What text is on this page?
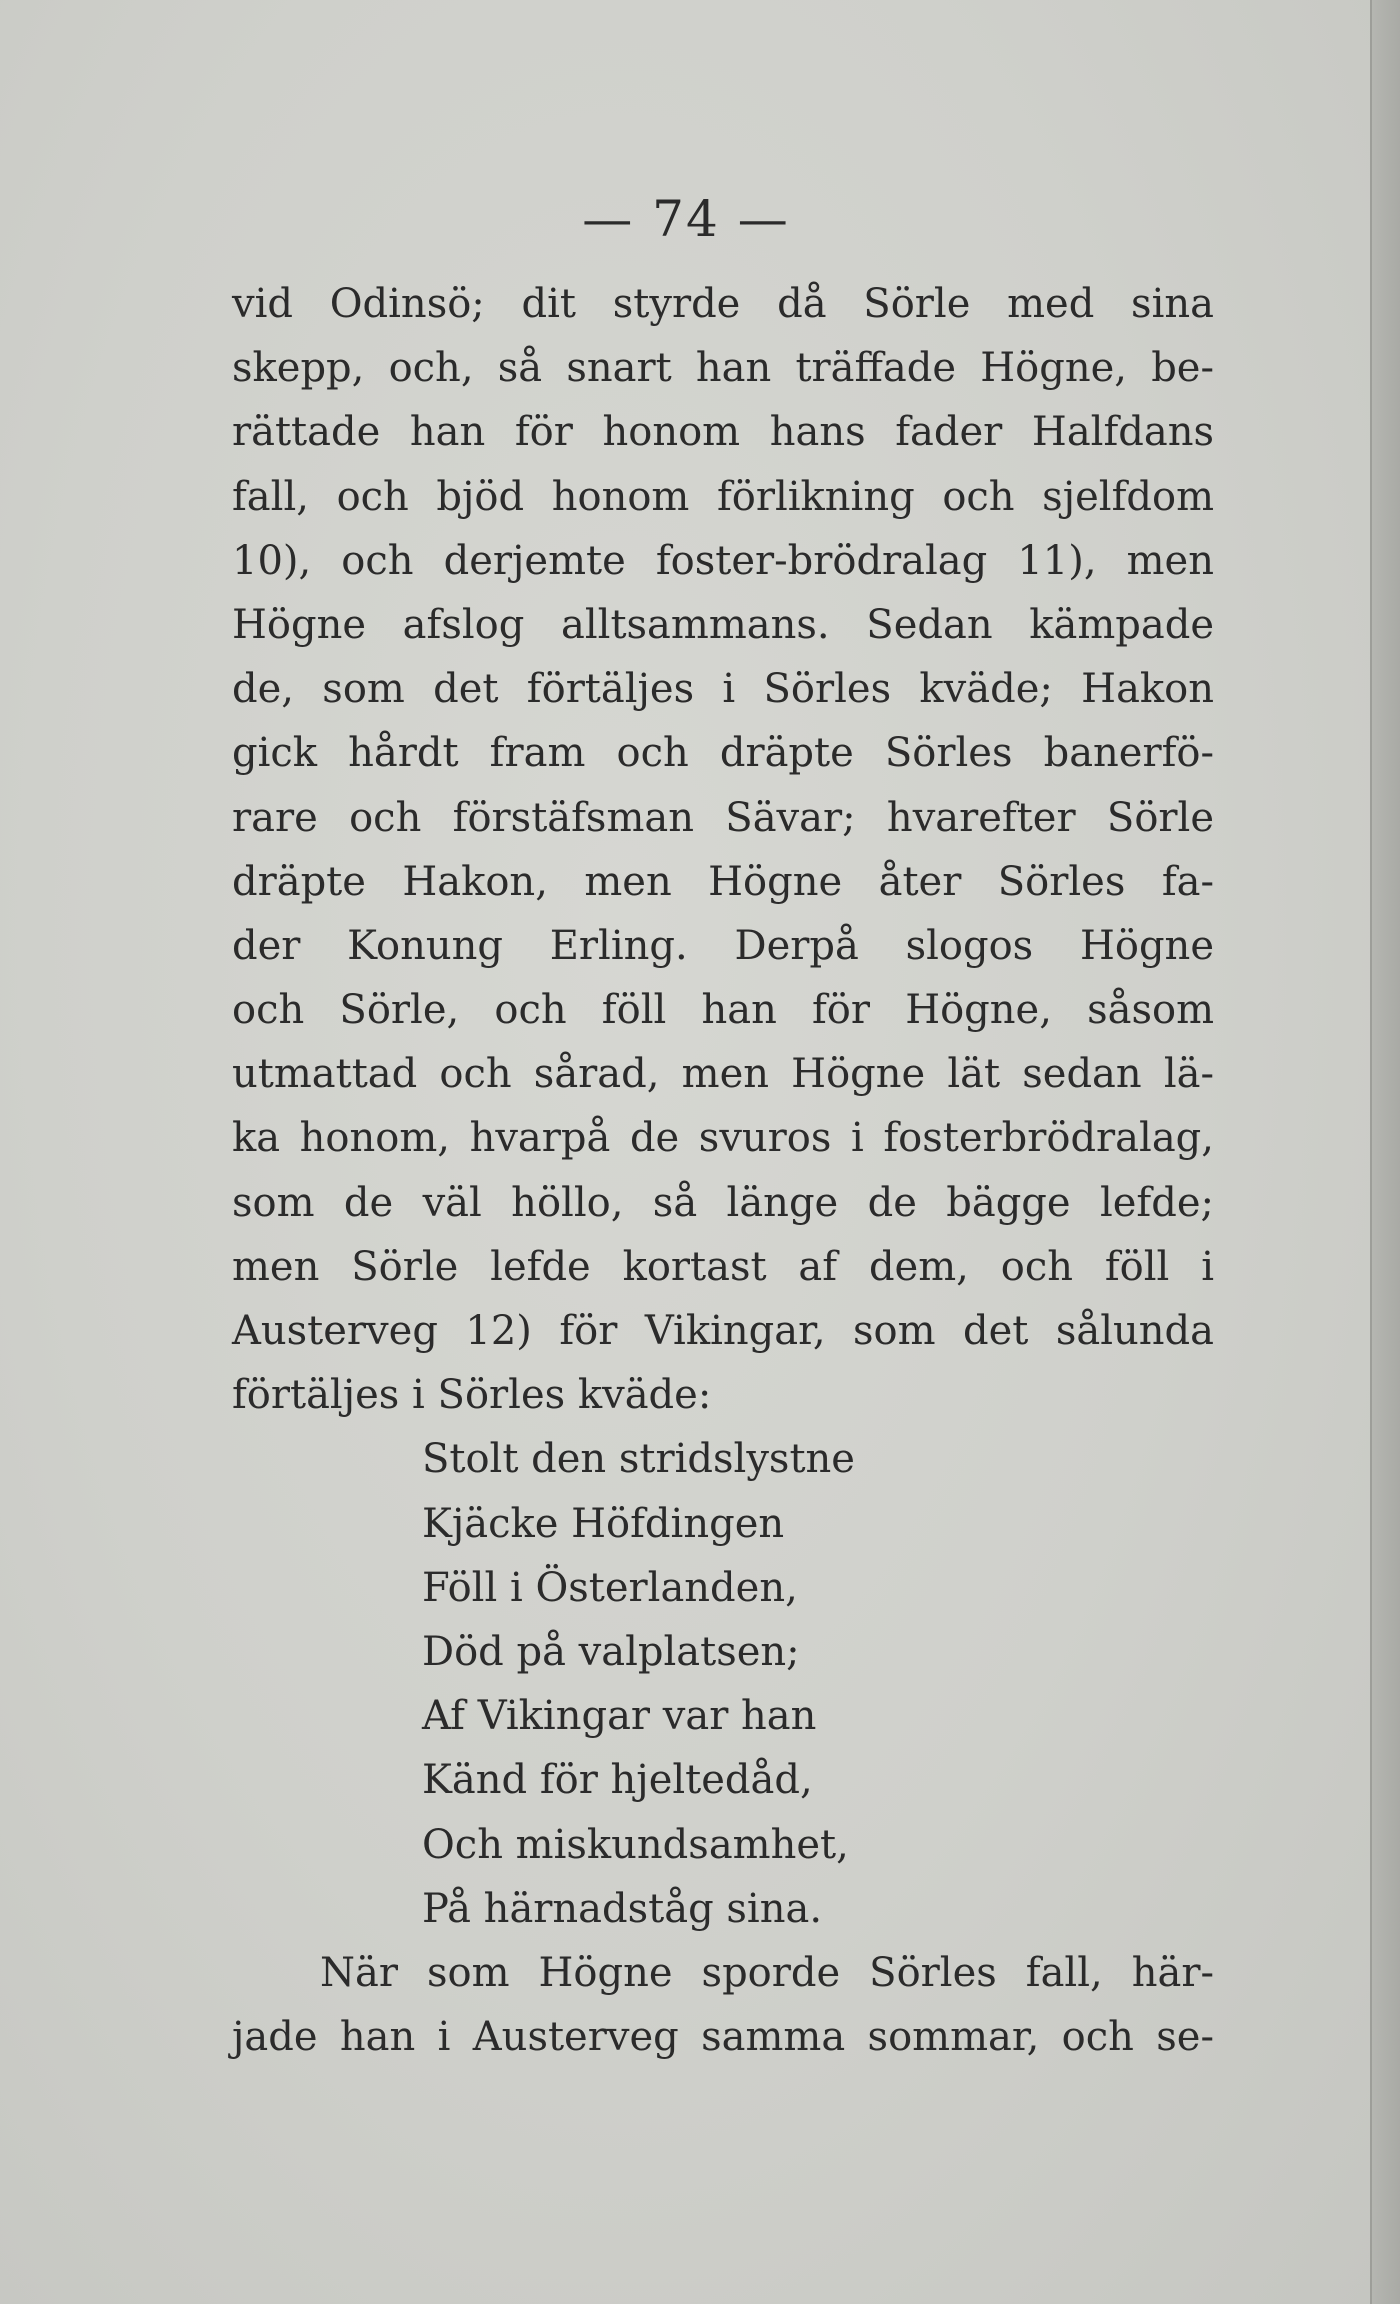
— 74 —
vid Odinsö; dit styrde då Sörle med sina
skepp, och, så snart han träffade Högne, be-
rättade han för honom hans fader Halfdans
fall, och bjöd honom förlikning och sjelfdom
10), och derjemte foster-brödralag 11), men
Högne afslog alltsammans. Sedan kämpade
de, som det förtäljes i Sörles kväde; Hakon
gick hårdt fram och dräpte Sörles banerfö-
rare och förstäfsman Sävar; hvarefter Sörle
dräpte Hakon, men Högne åter Sörles fa-
der Konung Erling. Derpå slogos Högne
och Sörle, och föll han för Högne, såsom
utmattad och sårad, men Högne lät sedan lä-
ka honom, hvarpå de svuros i fosterbrödralag,
som de väl höllo, så länge de bägge lefde;
men Sörle lefde kortast af dem, och föll i
Austerveg 12) för Vikingar, som det sålunda
förtäljes i Sörles kväde:
Stolt den stridslystne
Kjäcke Höfdingen
Föll i Österlanden,
Död på valplatsen;
Af Vikingar var han
Känd för hjeltedåd,
Och miskundsamhet,
På härnadståg sina.
När som Högne sporde Sörles fall, här-
jade han i Austerveg samma sommar, och se-
